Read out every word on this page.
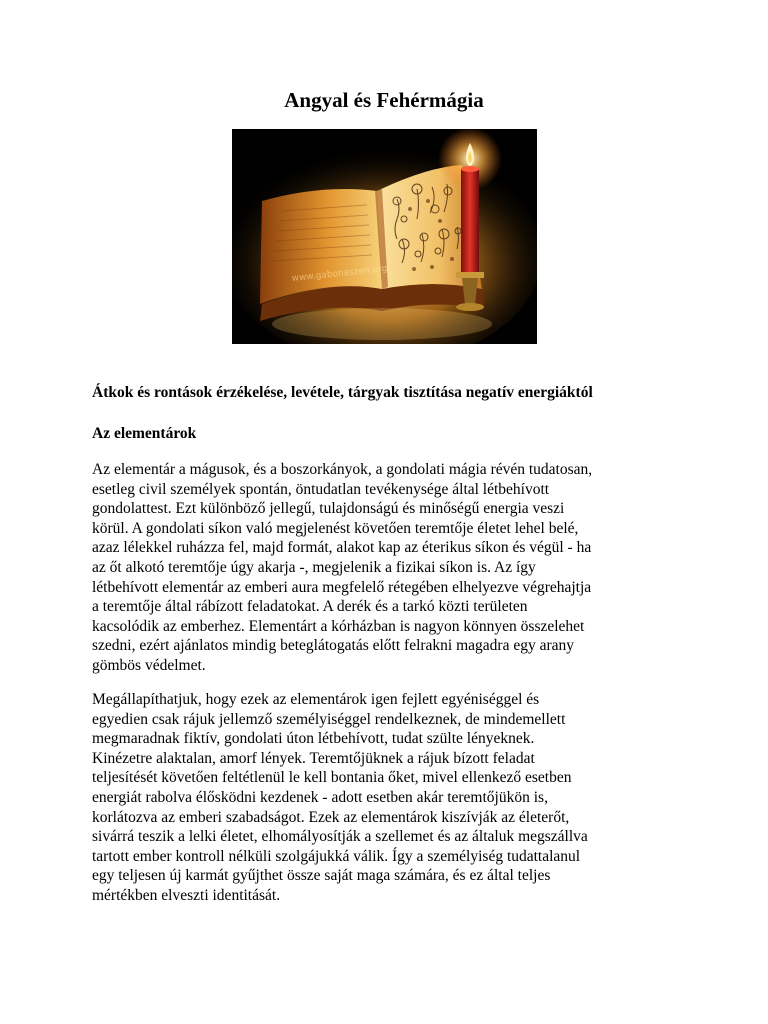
Angyal és Fehérmágia
www.gabonaszen.org

Átkok és rontások érzékelése, levétele, tárgyak tisztítása negatív energiáktól

Az elementárok
Az elementár a mágusok, és a boszorkányok, a gondolati mágia révén tudatosan,
esetleg civil személyek spontán, öntudatlan tevékenysége által létbehívott
gondolattest. Ezt különböző jellegű, tulajdonságú és minőségű energia veszi
körül. A gondolati síkon való megjelenést követően teremtője életet lehel belé,
azaz lélekkel ruházza fel, majd formát, alakot kap az éterikus síkon és végül - ha
az őt alkotó teremtője úgy akarja -, megjelenik a fizikai síkon is. Az így
létbehívott elementár az emberi aura megfelelő rétegében elhelyezve végrehajtja
a teremtője által rábízott feladatokat. A derék és a tarkó közti területen
kacsolódik az emberhez. Elementárt a kórházban is nagyon könnyen összelehet
szedni, ezért ajánlatos mindig beteglátogatás előtt felrakni magadra egy arany
gömbös védelmet.
Megállapíthatjuk, hogy ezek az elementárok igen fejlett egyéniséggel és
egyedien csak rájuk jellemző személyiséggel rendelkeznek, de mindemellett
megmaradnak fiktív, gondolati úton létbehívott, tudat szülte lényeknek.
Kinézetre alaktalan, amorf lények. Teremtőjüknek a rájuk bízott feladat
teljesítését követően feltétlenül le kell bontania őket, mivel ellenkező esetben
energiát rabolva élősködni kezdenek - adott esetben akár teremtőjükön is,
korlátozva az emberi szabadságot. Ezek az elementárok kiszívják az életerőt,
sivárrá teszik a lelki életet, elhomályosítják a szellemet és az általuk megszállva
tartott ember kontroll nélküli szolgájukká válik. Így a személyiség tudattalanul
egy teljesen új karmát gyűjthet össze saját maga számára, és ez által teljes
mértékben elveszti identitását.
